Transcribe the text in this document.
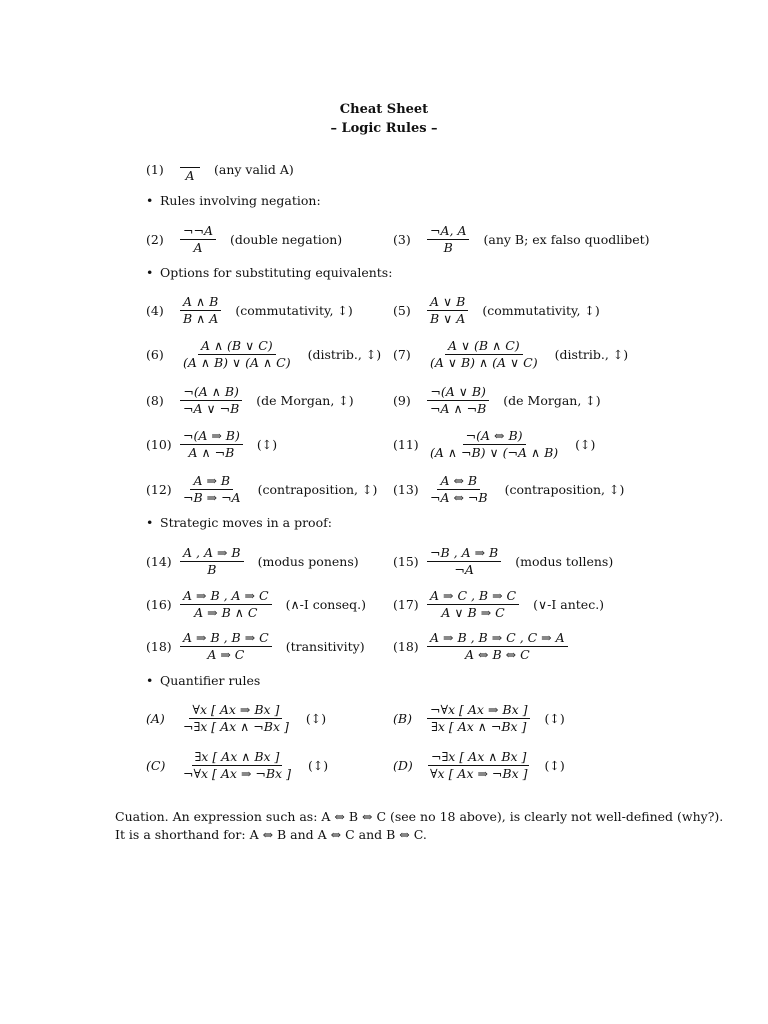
Cheat Sheet
– Logic Rules –
(1)	A (any valid A)
• Rules involving negation:
• Options for substituting equivalents:
• Strategic moves in a proof:
• Quantifier rules
(2)	$\frac{\neg\neg A}{A}$ (double negation)	(3)	$\frac{\neg A, A}{B} (any$ B; ex falso quodlibet)
(4)	$\frac{A \wedge B}{B \wedge A}$ (commutativity, ↕)	(5)	$\frac{A \vee B}{B \vee A}$ (commutativity, ↕)
(6)	$\frac{A \wedge (B \vee C)}{(A \wedge B) \vee (A \wedge C)}$ (distrib., ↕) (7)	$\frac{A \vee (B \wedge C)}{(A \vee B) \wedge (A \vee C)}$ (distrib., ↕)
(8)	$\frac{\neg(A \wedge B)}{\neg A \vee \neg B} (de$ Morgan, ↕)	(9)	$\frac{\neg(A \vee B)}{\neg A \wedge \neg B} (de$ Morgan, ↕)
$(10) \frac{\neg(A \Rightarrow B)}{A \wedge \neg B}$ (↕)	$(11) \frac{\neg(A \Leftrightarrow B)}{(A \wedge \neg B) \vee (\neg A \wedge B)}$ (↕)
$(12) \frac{A \Rightarrow B}{\neg B \Rightarrow \neg A}$ (contraposition, ↕) $(13) \frac{A \Leftrightarrow B}{\neg A \Leftrightarrow \neg B}$ (contraposition, ↕)
$(14) \frac{A , A \Rightarrow B}{B}$ (modus ponens)	$(15) \frac{\neg B , A \Rightarrow B}{\neg A}$ (modus tollens)
$(16) \frac{A \Rightarrow B , A \Rightarrow C}{A \Rightarrow B \wedge C}$ (∧-I conseq.) $(17) \frac{A \Rightarrow C , B \Rightarrow C}{A \vee B \Rightarrow C}$ (∨-I antec.)
$(18) \frac{A \Rightarrow B , B \Rightarrow C}{A \Rightarrow C}$ (transitivity) $(18) \frac{A \Rightarrow B , B \Rightarrow C , C \Rightarrow A}{A \Leftrightarrow B \Leftrightarrow C}$
(A)	$\frac{\forall x [ Ax \Rightarrow Bx ]}{\neg\exists x [ Ax \wedge \neg Bx ]}$ (↕)	(B)	$\frac{\neg\forall x [ Ax \Rightarrow Bx ]}{\exists x [ Ax \wedge \neg Bx ]}$ (↕)
(C)	$\frac{\exists x [ Ax \wedge Bx ]}{\neg\forall x [ Ax \Rightarrow \neg Bx ]}$ (↕)	(D)	$\frac{\neg\exists x [ Ax \wedge Bx ]}{\forall x [ Ax \Rightarrow \neg Bx ]}$ (↕)
Cuation. An expression such as: A ⇔ B ⇔ C (see no 18 above), is clearly not well-defined (why?).
It is a shorthand for: A ⇔ B and A ⇔ C and B ⇔ C.
